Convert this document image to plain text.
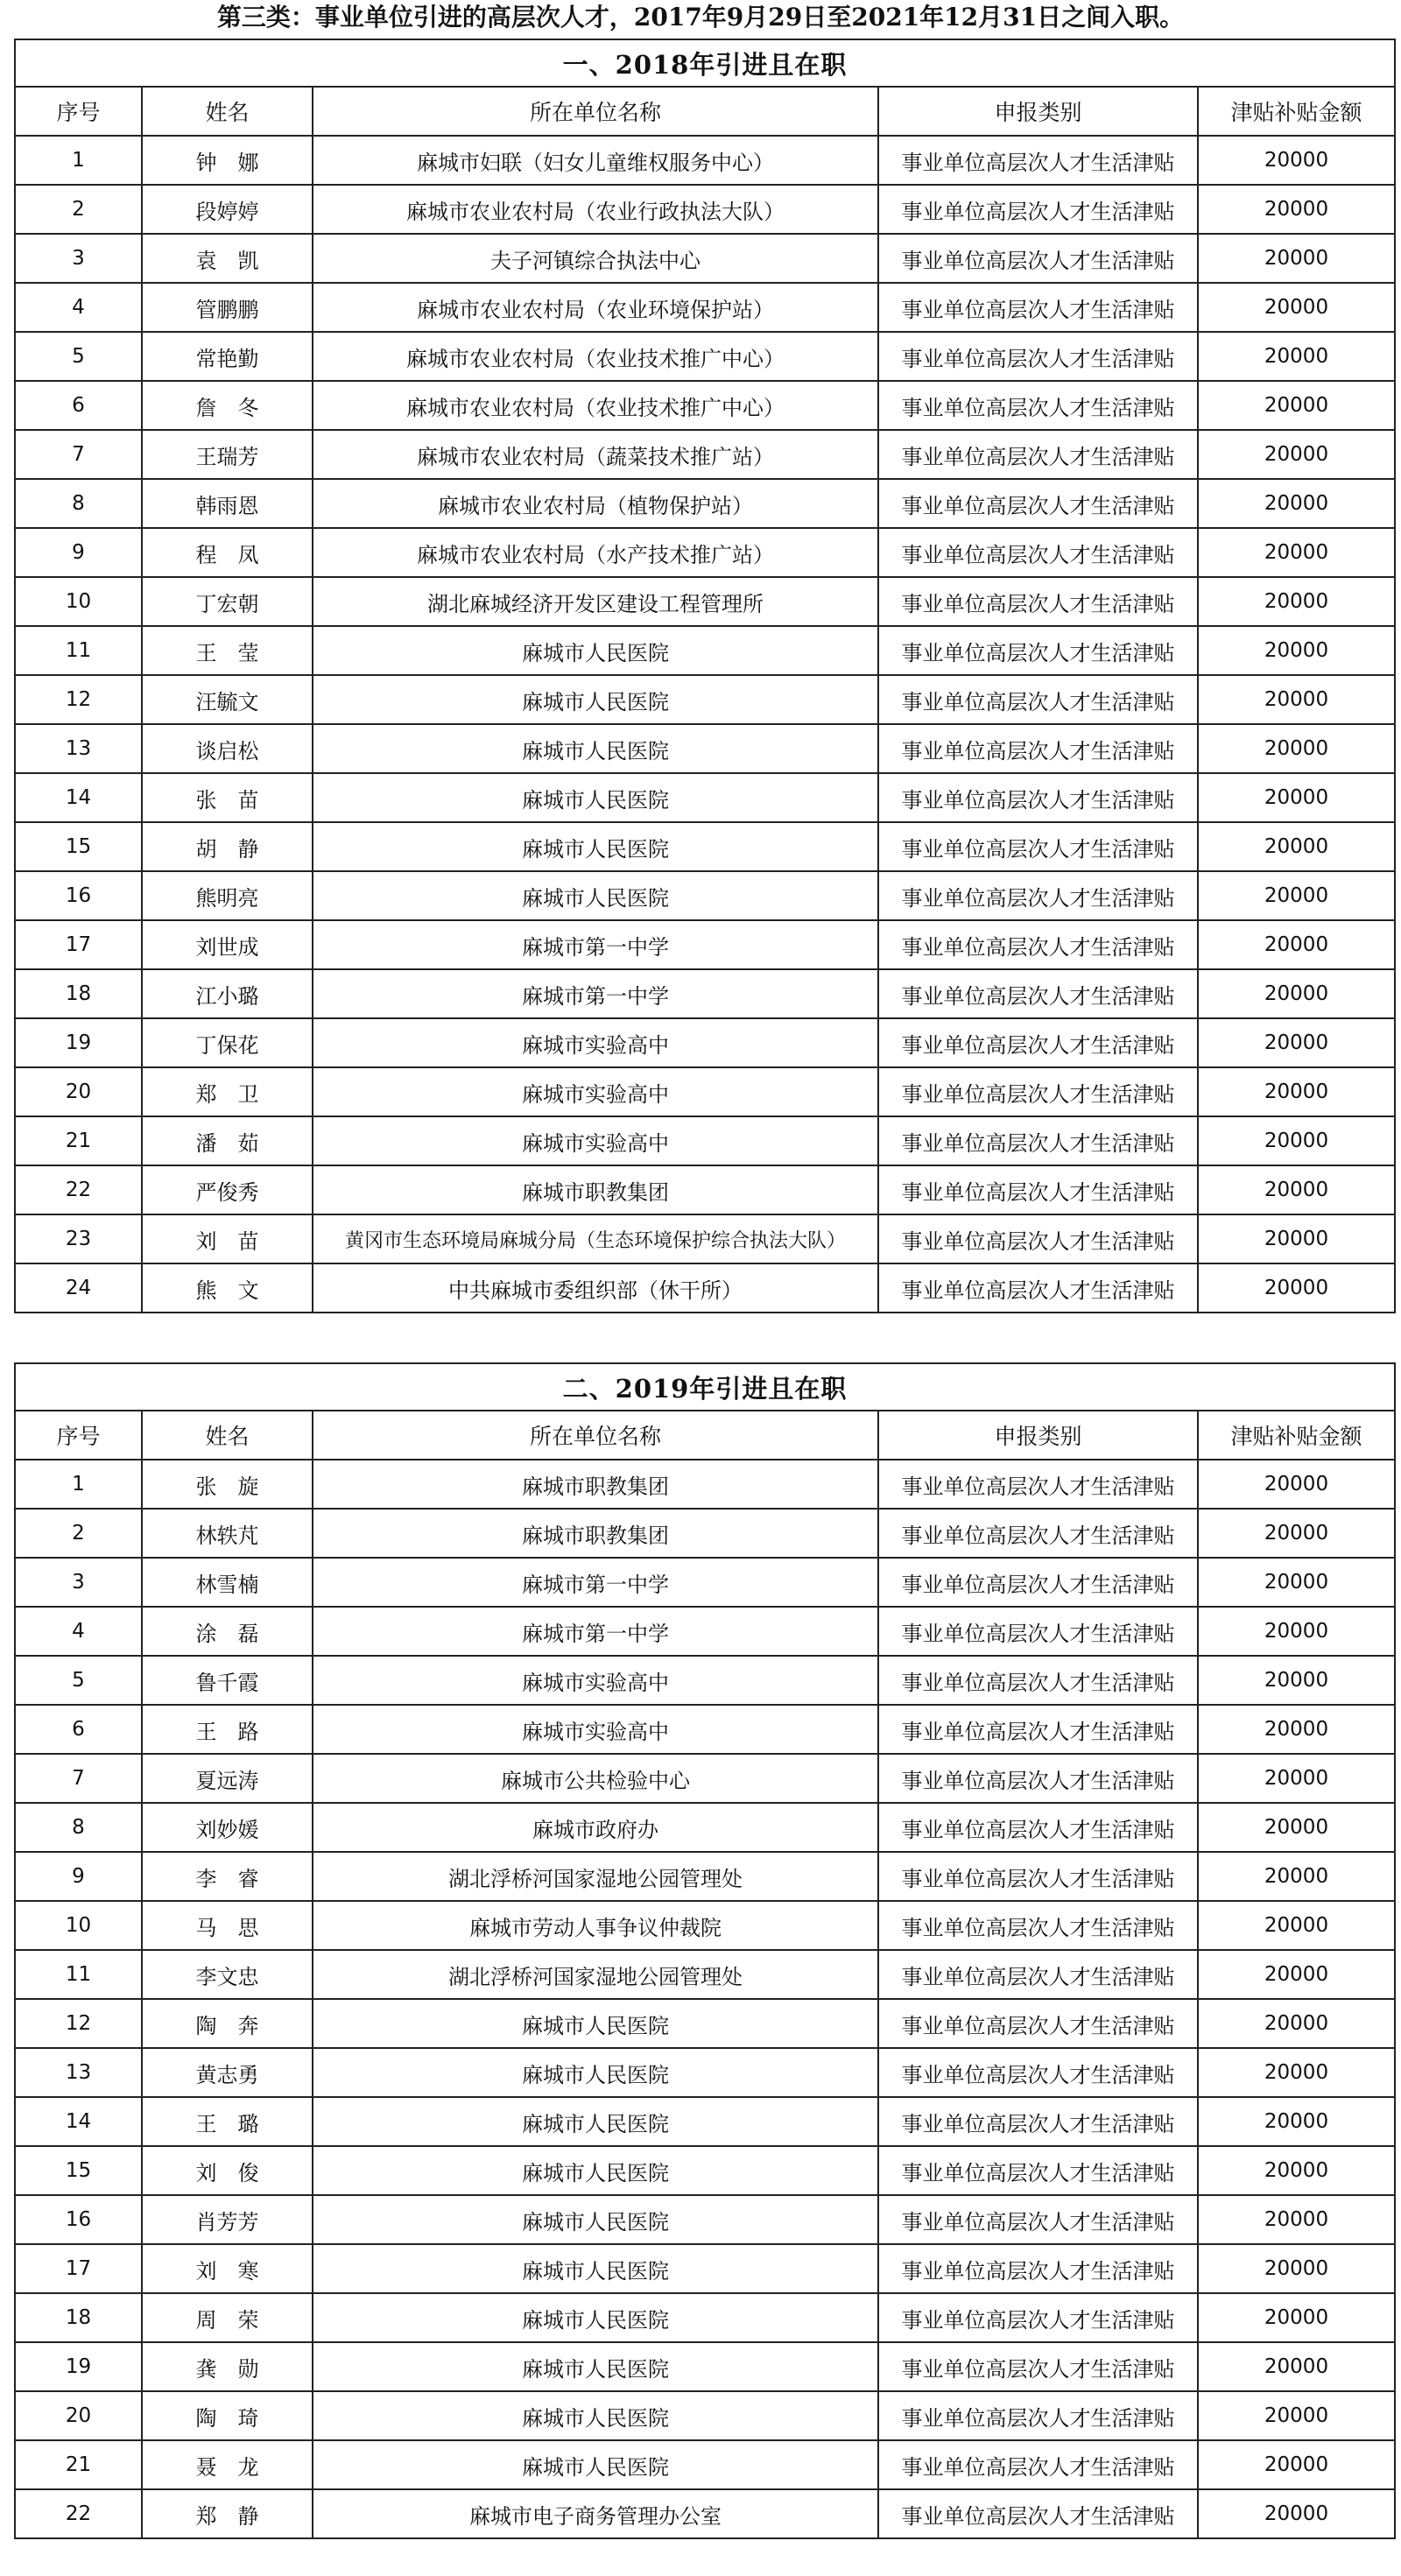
第三类：事业单位引进的高层次人才，2017年9月29日至2021年12月31日之间入职。
一、2018年引进且在职				
序号	姓名	所在单位名称	申报类别	津贴补贴金额
1	钟　娜	麻城市妇联（妇女儿童维权服务中心）	事业单位高层次人才生活津贴	20000
2	段婷婷	麻城市农业农村局（农业行政执法大队）	事业单位高层次人才生活津贴	20000
3	袁　凯	夫子河镇综合执法中心	事业单位高层次人才生活津贴	20000
4	管鹏鹏	麻城市农业农村局（农业环境保护站）	事业单位高层次人才生活津贴	20000
5	常艳勤	麻城市农业农村局（农业技术推广中心）	事业单位高层次人才生活津贴	20000
6	詹　冬	麻城市农业农村局（农业技术推广中心）	事业单位高层次人才生活津贴	20000
7	王瑞芳	麻城市农业农村局（蔬菜技术推广站）	事业单位高层次人才生活津贴	20000
8	韩雨恩	麻城市农业农村局（植物保护站）	事业单位高层次人才生活津贴	20000
9	程　凤	麻城市农业农村局（水产技术推广站）	事业单位高层次人才生活津贴	20000
10	丁宏朝	湖北麻城经济开发区建设工程管理所	事业单位高层次人才生活津贴	20000
11	王　莹	麻城市人民医院	事业单位高层次人才生活津贴	20000
12	汪毓文	麻城市人民医院	事业单位高层次人才生活津贴	20000
13	谈启松	麻城市人民医院	事业单位高层次人才生活津贴	20000
14	张　苗	麻城市人民医院	事业单位高层次人才生活津贴	20000
15	胡　静	麻城市人民医院	事业单位高层次人才生活津贴	20000
16	熊明亮	麻城市人民医院	事业单位高层次人才生活津贴	20000
17	刘世成	麻城市第一中学	事业单位高层次人才生活津贴	20000
18	江小璐	麻城市第一中学	事业单位高层次人才生活津贴	20000
19	丁保花	麻城市实验高中	事业单位高层次人才生活津贴	20000
20	郑　卫	麻城市实验高中	事业单位高层次人才生活津贴	20000
21	潘　茹	麻城市实验高中	事业单位高层次人才生活津贴	20000
22	严俊秀	麻城市职教集团	事业单位高层次人才生活津贴	20000
23	刘　苗	黄冈市生态环境局麻城分局（生态环境保护综合执法大队）	事业单位高层次人才生活津贴	20000
24	熊　文	中共麻城市委组织部（休干所）	事业单位高层次人才生活津贴	20000
二、2019年引进且在职				
序号	姓名	所在单位名称	申报类别	津贴补贴金额
1	张　旋	麻城市职教集团	事业单位高层次人才生活津贴	20000
2	林轶芃	麻城市职教集团	事业单位高层次人才生活津贴	20000
3	林雪楠	麻城市第一中学	事业单位高层次人才生活津贴	20000
4	涂　磊	麻城市第一中学	事业单位高层次人才生活津贴	20000
5	鲁千霞	麻城市实验高中	事业单位高层次人才生活津贴	20000
6	王　路	麻城市实验高中	事业单位高层次人才生活津贴	20000
7	夏远涛	麻城市公共检验中心	事业单位高层次人才生活津贴	20000
8	刘妙媛	麻城市政府办	事业单位高层次人才生活津贴	20000
9	李　睿	湖北浮桥河国家湿地公园管理处	事业单位高层次人才生活津贴	20000
10	马　思	麻城市劳动人事争议仲裁院	事业单位高层次人才生活津贴	20000
11	李文忠	湖北浮桥河国家湿地公园管理处	事业单位高层次人才生活津贴	20000
12	陶　奔	麻城市人民医院	事业单位高层次人才生活津贴	20000
13	黄志勇	麻城市人民医院	事业单位高层次人才生活津贴	20000
14	王　璐	麻城市人民医院	事业单位高层次人才生活津贴	20000
15	刘　俊	麻城市人民医院	事业单位高层次人才生活津贴	20000
16	肖芳芳	麻城市人民医院	事业单位高层次人才生活津贴	20000
17	刘　寒	麻城市人民医院	事业单位高层次人才生活津贴	20000
18	周　荣	麻城市人民医院	事业单位高层次人才生活津贴	20000
19	龚　勋	麻城市人民医院	事业单位高层次人才生活津贴	20000
20	陶　琦	麻城市人民医院	事业单位高层次人才生活津贴	20000
21	聂　龙	麻城市人民医院	事业单位高层次人才生活津贴	20000
22	郑　静	麻城市电子商务管理办公室	事业单位高层次人才生活津贴	20000
